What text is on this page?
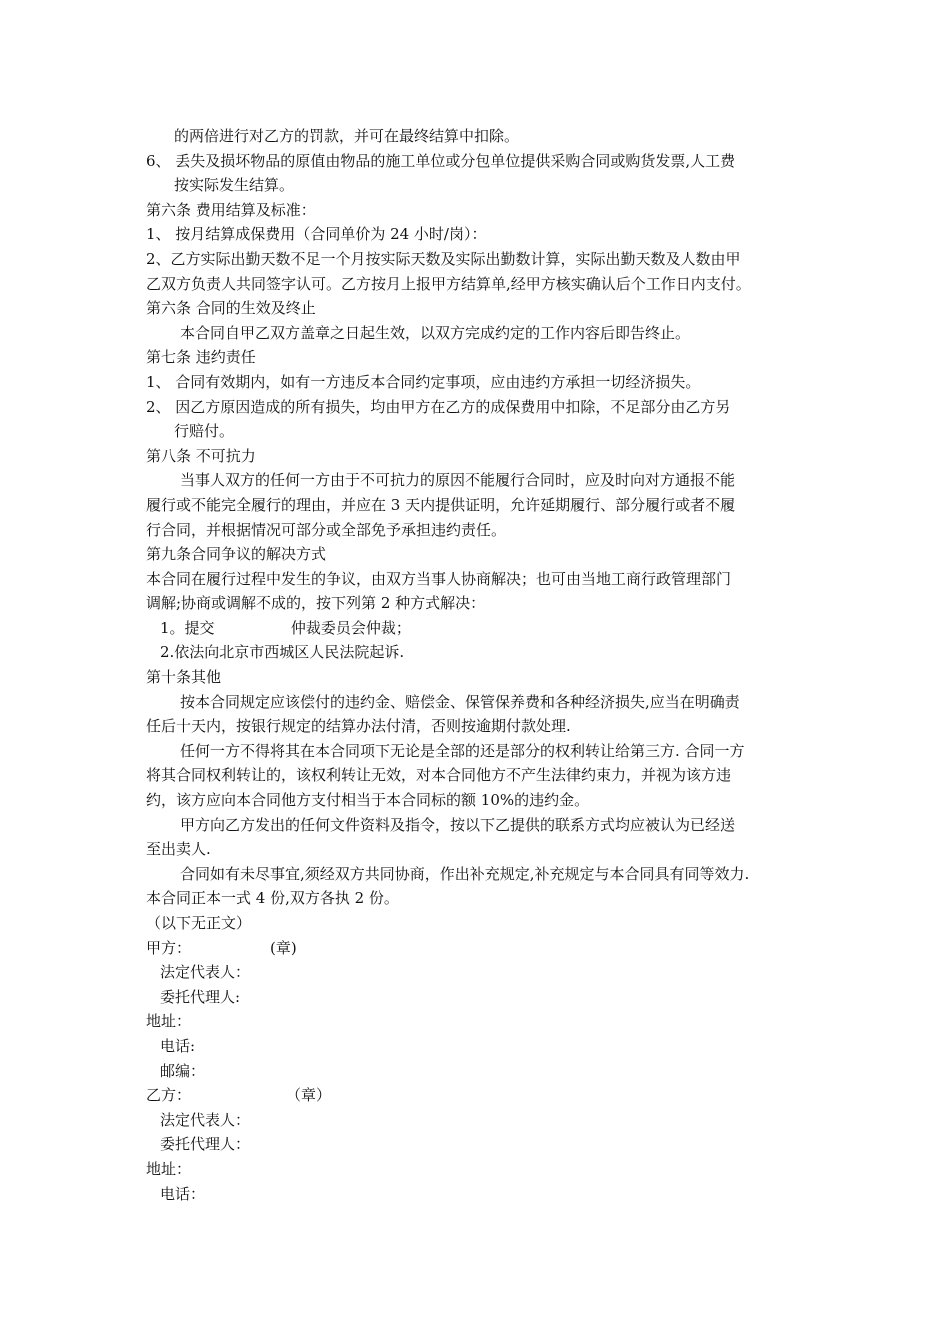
的两倍进行对乙方的罚款，并可在最终结算中扣除。
6、 丢失及损坏物品的原值由物品的施工单位或分包单位提供采购合同或购货发票,人工费
按实际发生结算。
第六条 费用结算及标准：
1、 按月结算成保费用（合同单价为 24 小时/岗）：
2、乙方实际出勤天数不足一个月按实际天数及实际出勤数计算，实际出勤天数及人数由甲
乙双方负责人共同签字认可。乙方按月上报甲方结算单,经甲方核实确认后个工作日内支付。
第六条 合同的生效及终止
本合同自甲乙双方盖章之日起生效，以双方完成约定的工作内容后即告终止。
第七条 违约责任
1、 合同有效期内，如有一方违反本合同约定事项，应由违约方承担一切经济损失。
2、 因乙方原因造成的所有损失，均由甲方在乙方的成保费用中扣除，不足部分由乙方另
行赔付。
第八条 不可抗力
当事人双方的任何一方由于不可抗力的原因不能履行合同时，应及时向对方通报不能
履行或不能完全履行的理由，并应在 3 天内提供证明，允许延期履行、部分履行或者不履
行合同，并根据情况可部分或全部免予承担违约责任。
第九条合同争议的解决方式
本合同在履行过程中发生的争议，由双方当事人协商解决；也可由当地工商行政管理部门
调解;协商或调解不成的，按下列第 2 种方式解决：
1。提交                仲裁委员会仲裁；
2.依法向北京市西城区人民法院起诉.
第十条其他
按本合同规定应该偿付的违约金、赔偿金、保管保养费和各种经济损失,应当在明确责
任后十天内，按银行规定的结算办法付清，否则按逾期付款处理.
任何一方不得将其在本合同项下无论是全部的还是部分的权利转让给第三方. 合同一方
将其合同权利转让的，该权利转让无效，对本合同他方不产生法律约束力，并视为该方违
约，该方应向本合同他方支付相当于本合同标的额 10%的违约金。
甲方向乙方发出的任何文件资料及指令，按以下乙提供的联系方式均应被认为已经送
至出卖人.
合同如有未尽事宜,须经双方共同协商，作出补充规定,补充规定与本合同具有同等效力.
本合同正本一式 4 份,双方各执 2 份。
（以下无正文）
甲方：	(章)
法定代表人：
委托代理人:
地址：
电话:
邮编：
乙方：	（章）
法定代表人：
委托代理人：
地址：
电话：
